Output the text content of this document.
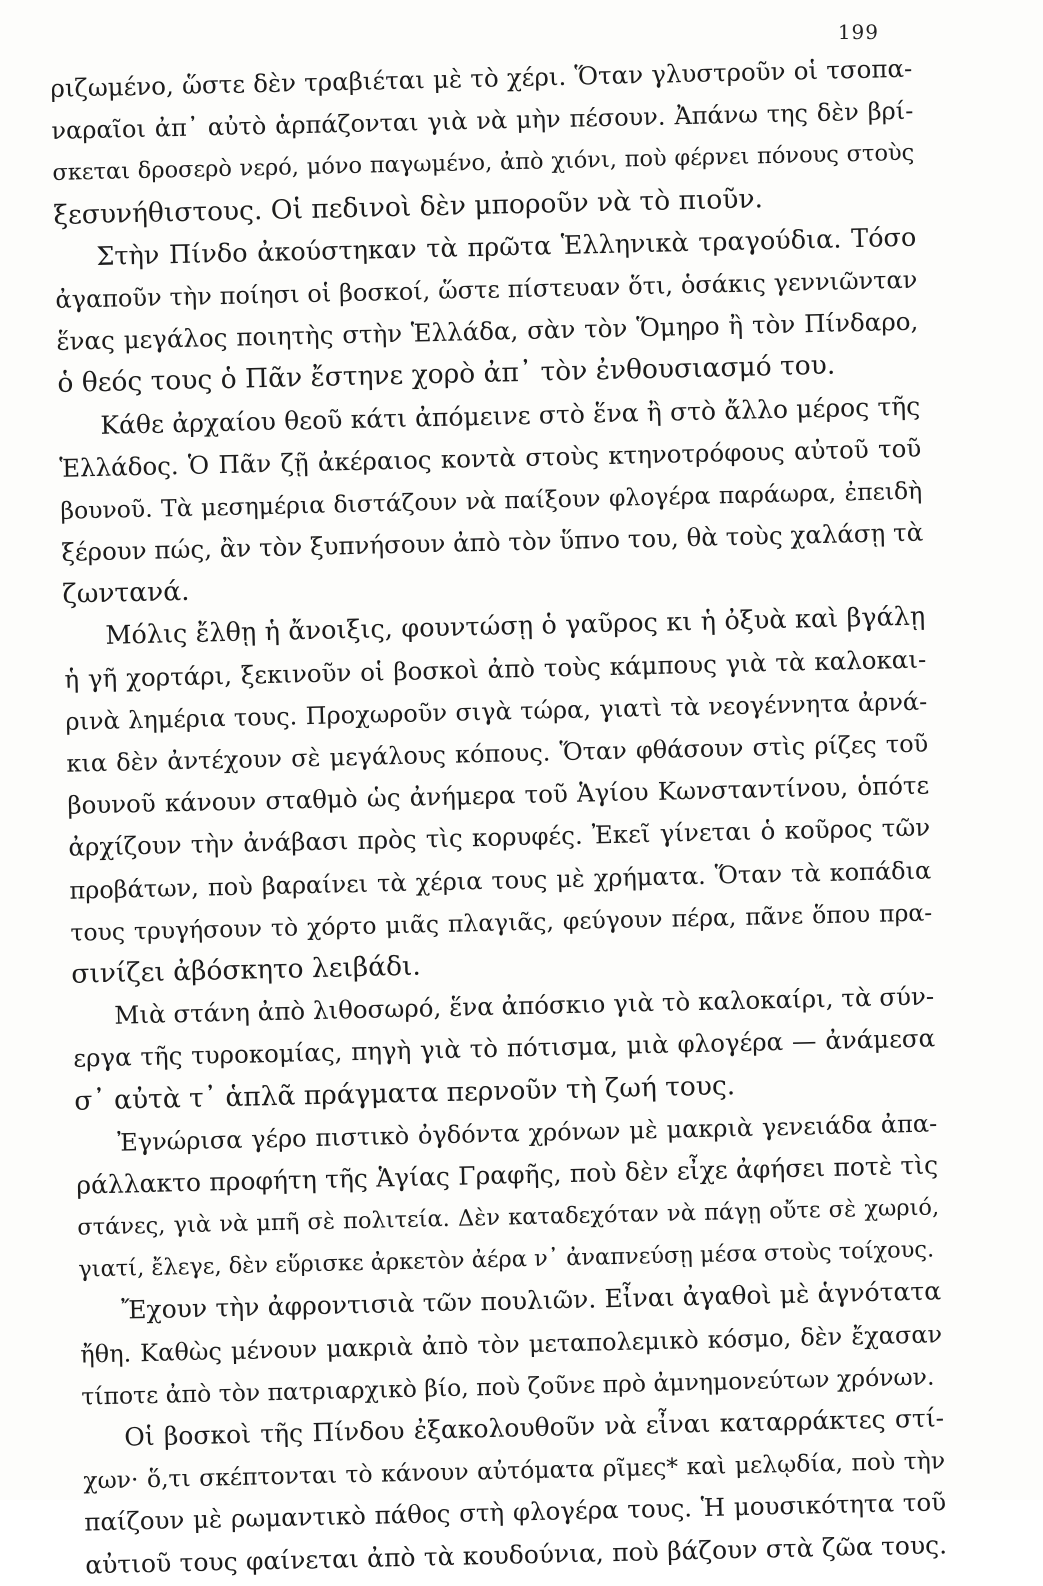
199
ριζωμένο, ὥστε δὲν τραβιέται μὲ τὸ χέρι. Ὅταν γλυστροῦν οἱ τσοπα-
ναραῖοι ἀπ᾽ αὐτὸ ἁρπάζονται γιὰ νὰ μὴν πέσουν. Ἀπάνω της δὲν βρί-
σκεται δροσερὸ νερό, μόνο παγωμένο, ἀπὸ χιόνι, ποὺ φέρνει πόνους στοὺς
ξεσυνήθιστους. Οἱ πεδινοὶ δὲν μποροῦν νὰ τὸ πιοῦν.
Στὴν Πίνδο ἀκούστηκαν τὰ πρῶτα Ἑλληνικὰ τραγούδια. Τόσο
ἀγαποῦν τὴν ποίησι οἱ βοσκοί, ὥστε πίστευαν ὅτι, ὁσάκις γεννιῶνταν
ἕνας μεγάλος ποιητὴς στὴν Ἑλλάδα, σὰν τὸν Ὅμηρο ἢ τὸν Πίνδαρο,
ὁ θεός τους ὁ Πᾶν ἔστηνε χορὸ ἀπ᾽ τὸν ἐνθουσιασμό του.
Κάθε ἀρχαίου θεοῦ κάτι ἀπόμεινε στὸ ἕνα ἢ στὸ ἄλλο μέρος τῆς
Ἑλλάδος. Ὁ Πᾶν ζῇ ἀκέραιος κοντὰ στοὺς κτηνοτρόφους αὐτοῦ τοῦ
βουνοῦ. Τὰ μεσημέρια διστάζουν νὰ παίξουν φλογέρα παράωρα, ἐπειδὴ
ξέρουν πώς, ἂν τὸν ξυπνήσουν ἀπὸ τὸν ὕπνο του, θὰ τοὺς χαλάσῃ τὰ
ζωντανά.
Μόλις ἔλθῃ ἡ ἄνοιξις, φουντώσῃ ὁ γαῦρος κι ἡ ὀξυὰ καὶ βγάλῃ
ἡ γῆ χορτάρι, ξεκινοῦν οἱ βοσκοὶ ἀπὸ τοὺς κάμπους γιὰ τὰ καλοκαι-
ρινὰ λημέρια τους. Προχωροῦν σιγὰ τώρα, γιατὶ τὰ νεογέννητα ἀρνά-
κια δὲν ἀντέχουν σὲ μεγάλους κόπους. Ὅταν φθάσουν στὶς ρίζες τοῦ
βουνοῦ κάνουν σταθμὸ ὡς ἀνήμερα τοῦ Ἁγίου Κωνσταντίνου, ὁπότε
ἀρχίζουν τὴν ἀνάβασι πρὸς τὶς κορυφές. Ἐκεῖ γίνεται ὁ κοῦρος τῶν
προβάτων, ποὺ βαραίνει τὰ χέρια τους μὲ χρήματα. Ὅταν τὰ κοπάδια
τους τρυγήσουν τὸ χόρτο μιᾶς πλαγιᾶς, φεύγουν πέρα, πᾶνε ὅπου πρα-
σινίζει ἀβόσκητο λειβάδι.
Μιὰ στάνη ἀπὸ λιθοσωρό, ἕνα ἀπόσκιο γιὰ τὸ καλοκαίρι, τὰ σύν-
εργα τῆς τυροκομίας, πηγὴ γιὰ τὸ πότισμα, μιὰ φλογέρα — ἀνάμεσα
σ᾽ αὐτὰ τ᾽ ἁπλᾶ πράγματα περνοῦν τὴ ζωή τους.
Ἐγνώρισα γέρο πιστικὸ ὀγδόντα χρόνων μὲ μακριὰ γενειάδα ἀπα-
ράλλακτο προφήτη τῆς Ἁγίας Γραφῆς, ποὺ δὲν εἶχε ἀφήσει ποτὲ τὶς
στάνες, γιὰ νὰ μπῆ σὲ πολιτεία. Δὲν καταδεχόταν νὰ πάγῃ οὔτε σὲ χωριό,
γιατί, ἔλεγε, δὲν εὕρισκε ἀρκετὸν ἀέρα ν᾽ ἀναπνεύσῃ μέσα στοὺς τοίχους.
Ἔχουν τὴν ἀφροντισιὰ τῶν πουλιῶν. Εἶναι ἀγαθοὶ μὲ ἁγνότατα
ἤθη. Καθὼς μένουν μακριὰ ἀπὸ τὸν μεταπολεμικὸ κόσμο, δὲν ἔχασαν
τίποτε ἀπὸ τὸν πατριαρχικὸ βίο, ποὺ ζοῦνε πρὸ ἀμνημονεύτων χρόνων.
Οἱ βοσκοὶ τῆς Πίνδου ἐξακολουθοῦν νὰ εἶναι καταρράκτες στί-
χων· ὅ,τι σκέπτονται τὸ κάνουν αὐτόματα ρῖμες* καὶ μελῳδία, ποὺ τὴν
παίζουν μὲ ρωμαντικὸ πάθος στὴ φλογέρα τους. Ἡ μουσικότητα τοῦ
αὐτιοῦ τους φαίνεται ἀπὸ τὰ κουδούνια, ποὺ βάζουν στὰ ζῶα τους.
